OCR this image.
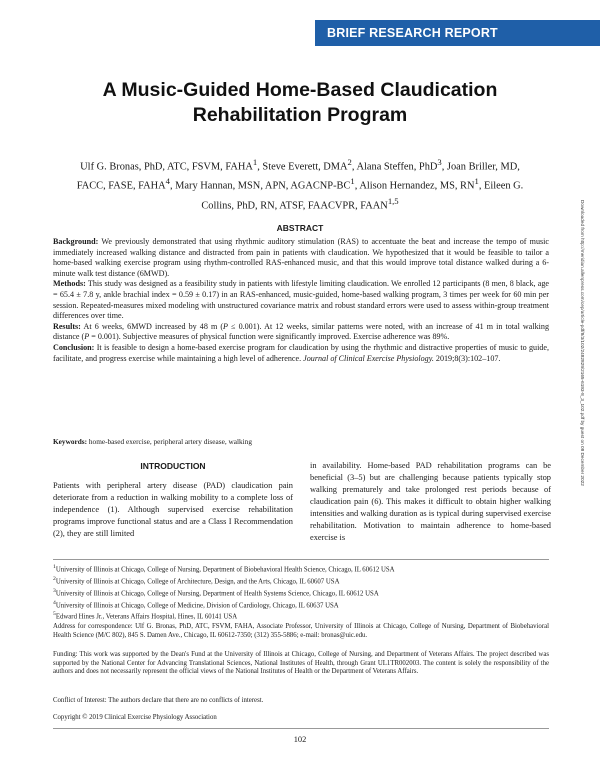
BRIEF RESEARCH REPORT
A Music-Guided Home-Based Claudication Rehabilitation Program
Ulf G. Bronas, PhD, ATC, FSVM, FAHA$^1$, Steve Everett, DMA$^2$, Alana Steffen, PhD$^3$, Joan Briller, MD, FACC, FASE, FAHA$^4$, Mary Hannan, MSN, APN, AGACNP-$BC^1$, Alison Hernandez, MS, $RN^1$, Eileen G. Collins, PhD, RN, ATSF, FAACVPR, FAAN$^{1,5}$
ABSTRACT

Background: We previously demonstrated that using rhythmic auditory stimulation (RAS) to accentuate the beat and increase the tempo of music immediately increased walking distance and distracted from pain in patients with claudication. We hypothesized that it would be feasible to tailor a home-based walking exercise program using rhythm-controlled RAS-enhanced music, and that this would improve total distance walked during a 6-minute walk test distance (6MWD).

Methods: This study was designed as a feasibility study in patients with lifestyle limiting claudication. We enrolled 12 participants (8 men, 8 black, age = 65.4 ± 7.8 y, ankle brachial index = 0.59 ± 0.17) in an RAS-enhanced, music-guided, home-based walking program, 3 times per week for 60 min per session. Repeated-measures mixed modeling with unstructured covariance matrix and robust standard errors were used to assess within-group treatment differences over time.

Results: At 6 weeks, 6MWD increased by 48 m (P ≤ 0.001). At 12 weeks, similar patterns were noted, with an increase of 41 m in total walking distance (P = 0.001). Subjective measures of physical function were significantly improved. Exercise adherence was 89%.

Conclusion: It is feasible to design a home-based exercise program for claudication by using the rhythmic and distractive properties of music to guide, facilitate, and progress exercise while maintaining a high level of adherence. Journal of Clinical Exercise Physiology. 2019;8(3):102–107.

Keywords: home-based exercise, peripheral artery disease, walking
INTRODUCTION
Patients with peripheral artery disease (PAD) claudication pain deteriorate from a reduction in walking mobility to a complete loss of independence (1). Although supervised exercise rehabilitation programs improve functional status and are a Class I Recommendation (2), they are still limited
in availability. Home-based PAD rehabilitation programs can be beneficial (3–5) but are challenging because patients typically stop walking prematurely and take prolonged rest periods because of claudication pain (6). This makes it difficult to obtain higher walking intensities and walking duration as is typical during supervised exercise rehabilitation. Motivation to maintain adherence to home-based exercise is

$^1$University of Illinois at Chicago, College of Nursing, Department of Biobehavioral Health Science, Chicago, IL 60612 USA

$^2$University of Illinois at Chicago, College of Architecture, Design, and the Arts, Chicago, IL 60607 USA

$^3$University of Illinois at Chicago, College of Nursing, Department of Health Systems Science, Chicago, IL 60612 USA

$^4$University of Illinois at Chicago, College of Medicine, Division of Cardiology, Chicago, IL 60637 USA

$^5$Edward Hines Jr., Veterans Affairs Hospital, Hines, IL 60141 USA

Address for correspondence: Ulf G. Bronas, PhD, ATC, FSVM, FAHA, Associate Professor, University of Illinois at Chicago, College of Nursing, Department of Biobehavioral Health Science (M/C 802), 845 S. Damen Ave., Chicago, IL 60612-7350; (312) 355-5886; e-mail: bronas@uic.edu.
Funding: This work was supported by the Dean's Fund at the University of Illinois at Chicago, College of Nursing, and Department of Veterans Affairs. The project described was supported by the National Center for Advancing Translational Sciences, National Institutes of Health, through Grant UL1TR002003. The content is solely the responsibility of the authors and does not necessarily represent the official views of the National Institutes of Health or the Department of Veterans Affairs.
Conflict of Interest: The authors declare that there are no conflicts of interest.
Copyright © 2019 Clinical Exercise Physiology Association
102
Downloaded from http://meridian.allenpress.com/cep/article-pdf/8/3/102/2482829/2165-6193-8_3_102.pdf by guest on 08 December 2022
